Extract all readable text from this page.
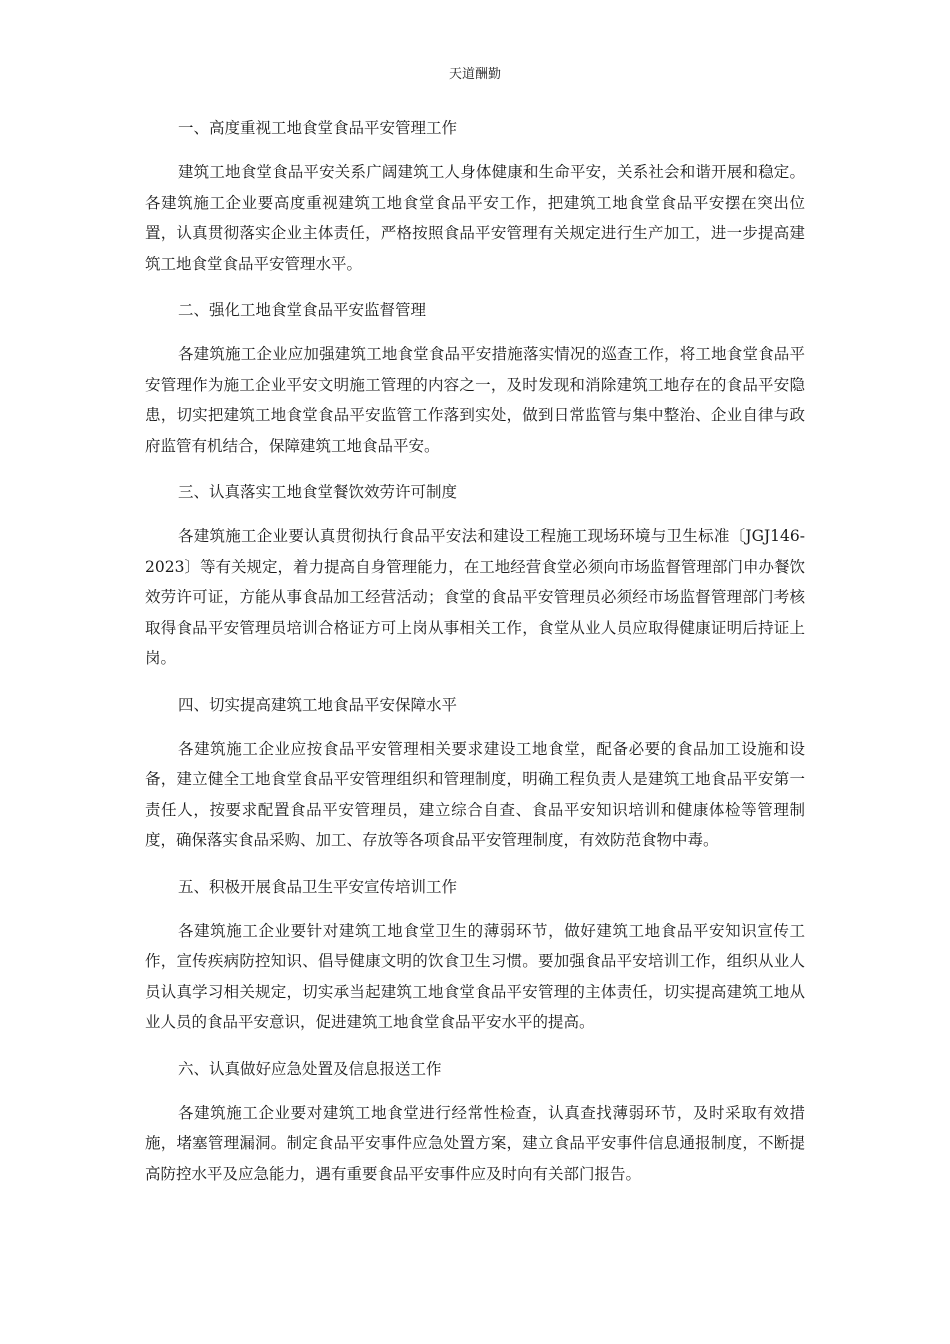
天道酬勤
一、高度重视工地食堂食品平安管理工作
建筑工地食堂食品平安关系广阔建筑工人身体健康和生命平安，关系社会和谐开展和稳定。各建筑施工企业要高度重视建筑工地食堂食品平安工作，把建筑工地食堂食品平安摆在突出位置，认真贯彻落实企业主体责任，严格按照食品平安管理有关规定进行生产加工，进一步提高建筑工地食堂食品平安管理水平。
二、强化工地食堂食品平安监督管理
各建筑施工企业应加强建筑工地食堂食品平安措施落实情况的巡查工作，将工地食堂食品平安管理作为施工企业平安文明施工管理的内容之一，及时发现和消除建筑工地存在的食品平安隐患，切实把建筑工地食堂食品平安监管工作落到实处，做到日常监管与集中整治、企业自律与政府监管有机结合，保障建筑工地食品平安。
三、认真落实工地食堂餐饮效劳许可制度
各建筑施工企业要认真贯彻执行食品平安法和建设工程施工现场环境与卫生标准〔JGJ146-2023〕等有关规定，着力提高自身管理能力，在工地经营食堂必须向市场监督管理部门申办餐饮效劳许可证，方能从事食品加工经营活动；食堂的食品平安管理员必须经市场监督管理部门考核取得食品平安管理员培训合格证方可上岗从事相关工作，食堂从业人员应取得健康证明后持证上岗。
四、切实提高建筑工地食品平安保障水平
各建筑施工企业应按食品平安管理相关要求建设工地食堂，配备必要的食品加工设施和设备，建立健全工地食堂食品平安管理组织和管理制度，明确工程负责人是建筑工地食品平安第一责任人，按要求配置食品平安管理员，建立综合自查、食品平安知识培训和健康体检等管理制度，确保落实食品采购、加工、存放等各项食品平安管理制度，有效防范食物中毒。
五、积极开展食品卫生平安宣传培训工作
各建筑施工企业要针对建筑工地食堂卫生的薄弱环节，做好建筑工地食品平安知识宣传工作，宣传疾病防控知识、倡导健康文明的饮食卫生习惯。要加强食品平安培训工作，组织从业人员认真学习相关规定，切实承当起建筑工地食堂食品平安管理的主体责任，切实提高建筑工地从业人员的食品平安意识，促进建筑工地食堂食品平安水平的提高。
六、认真做好应急处置及信息报送工作
各建筑施工企业要对建筑工地食堂进行经常性检查，认真查找薄弱环节，及时采取有效措施，堵塞管理漏洞。制定食品平安事件应急处置方案，建立食品平安事件信息通报制度，不断提高防控水平及应急能力，遇有重要食品平安事件应及时向有关部门报告。
